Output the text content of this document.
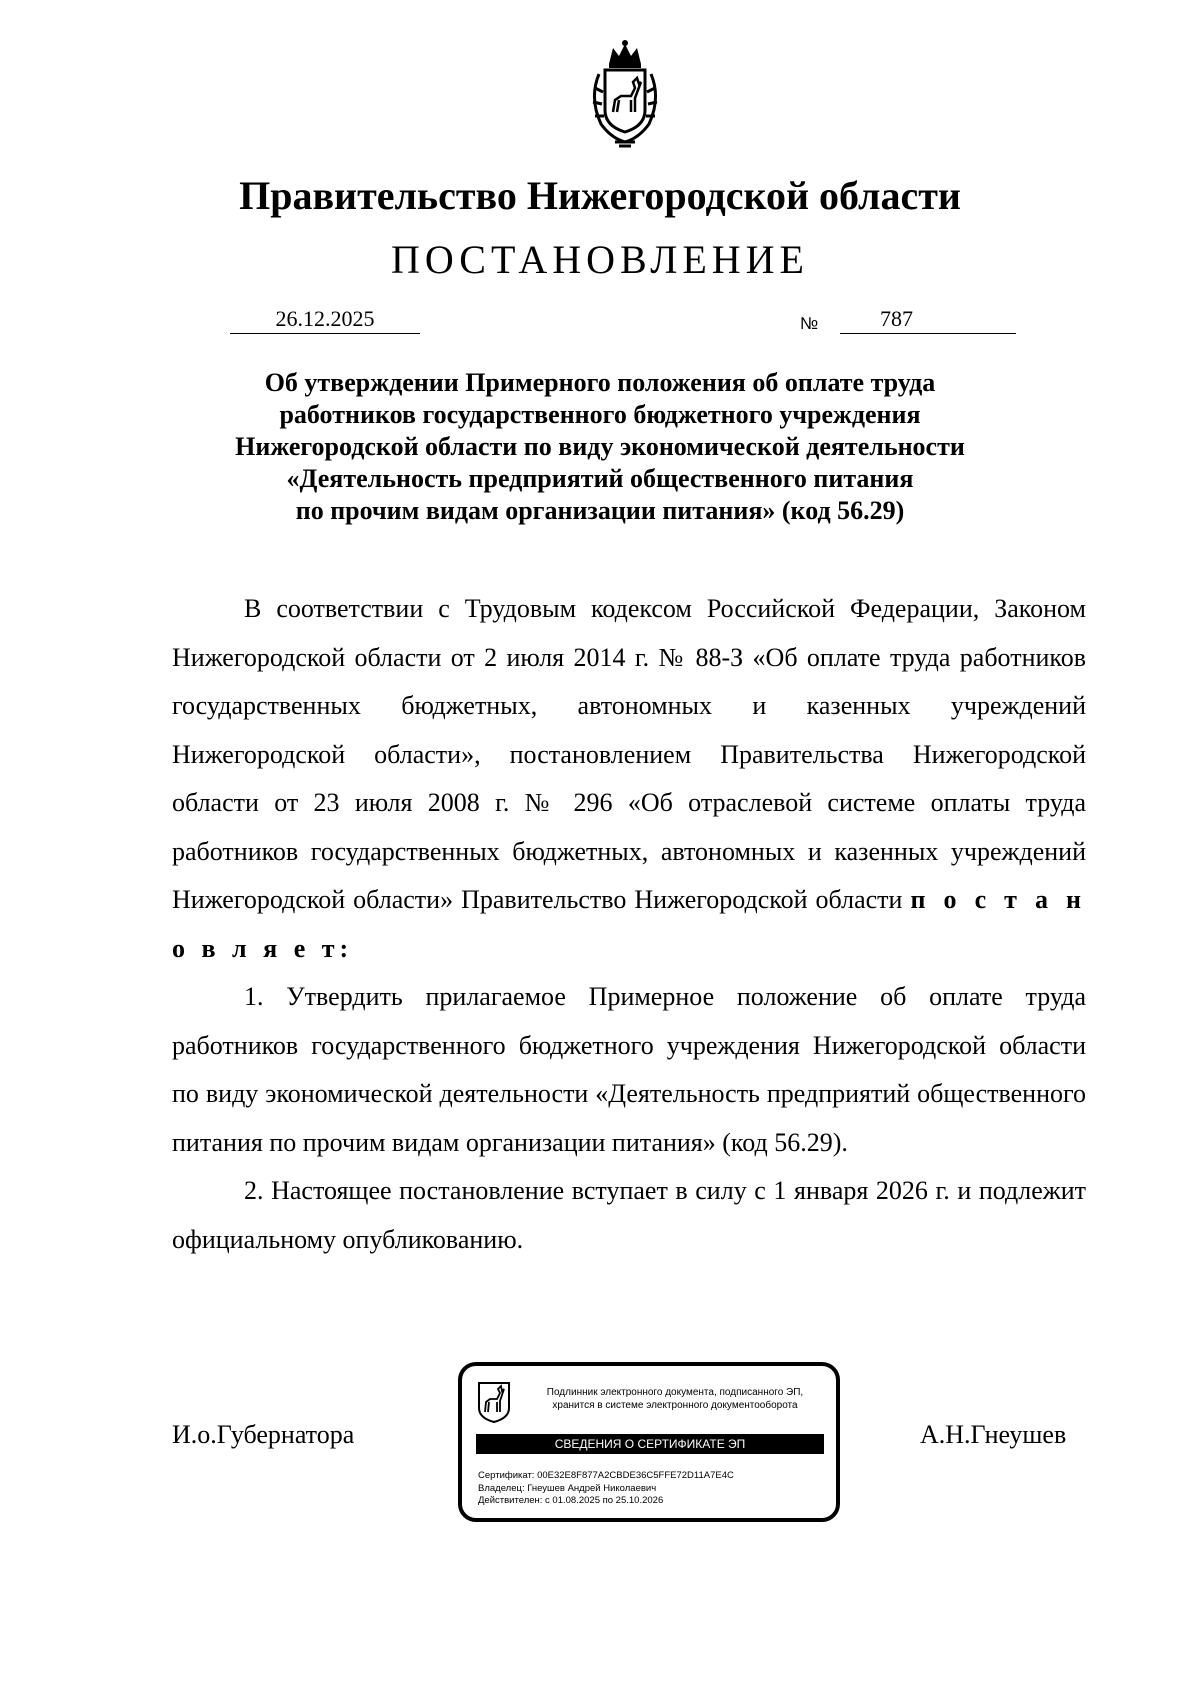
Правительство Нижегородской области
ПОСТАНОВЛЕНИЕ
26.12.2025	№	787
Об утверждении Примерного положения об оплате труда
работников государственного бюджетного учреждения
Нижегородской области по виду экономической деятельности
«Деятельность предприятий общественного питания
по прочим видам организации питания» (код 56.29)

В соответствии с Трудовым кодексом Российской Федерации, Законом Нижегородской области от 2 июля 2014 г. № 88-З «Об оплате труда работников государственных бюджетных, автономных и казенных учреждений Нижегородской области», постановлением Правительства Нижегородской области от 23 июля 2008 г. № 296 «Об отраслевой системе оплаты труда работников государственных бюджетных, автономных и казенных учреждений Нижегородской области» Правительство Нижегородской области п о с т а н о в л я е т:

1. Утвердить прилагаемое Примерное положение об оплате труда работников государственного бюджетного учреждения Нижегородской области по виду экономической деятельности «Деятельность предприятий общественного питания по прочим видам организации питания» (код 56.29).

2. Настоящее постановление вступает в силу с 1 января 2026 г. и подлежит официальному опубликованию.

И.о.Губернатора	А.Н.Гнеушев
Подлинник электронного документа, подписанного ЭП,
хранится в системе электронного документооборота
СВЕДЕНИЯ О СЕРТИФИКАТЕ ЭП
Сертификат: 00E32E8F877A2CBDE36C5FFE72D11A7E4C
Владелец: Гнеушев Андрей Николаевич
Действителен: с 01.08.2025 по 25.10.2026
